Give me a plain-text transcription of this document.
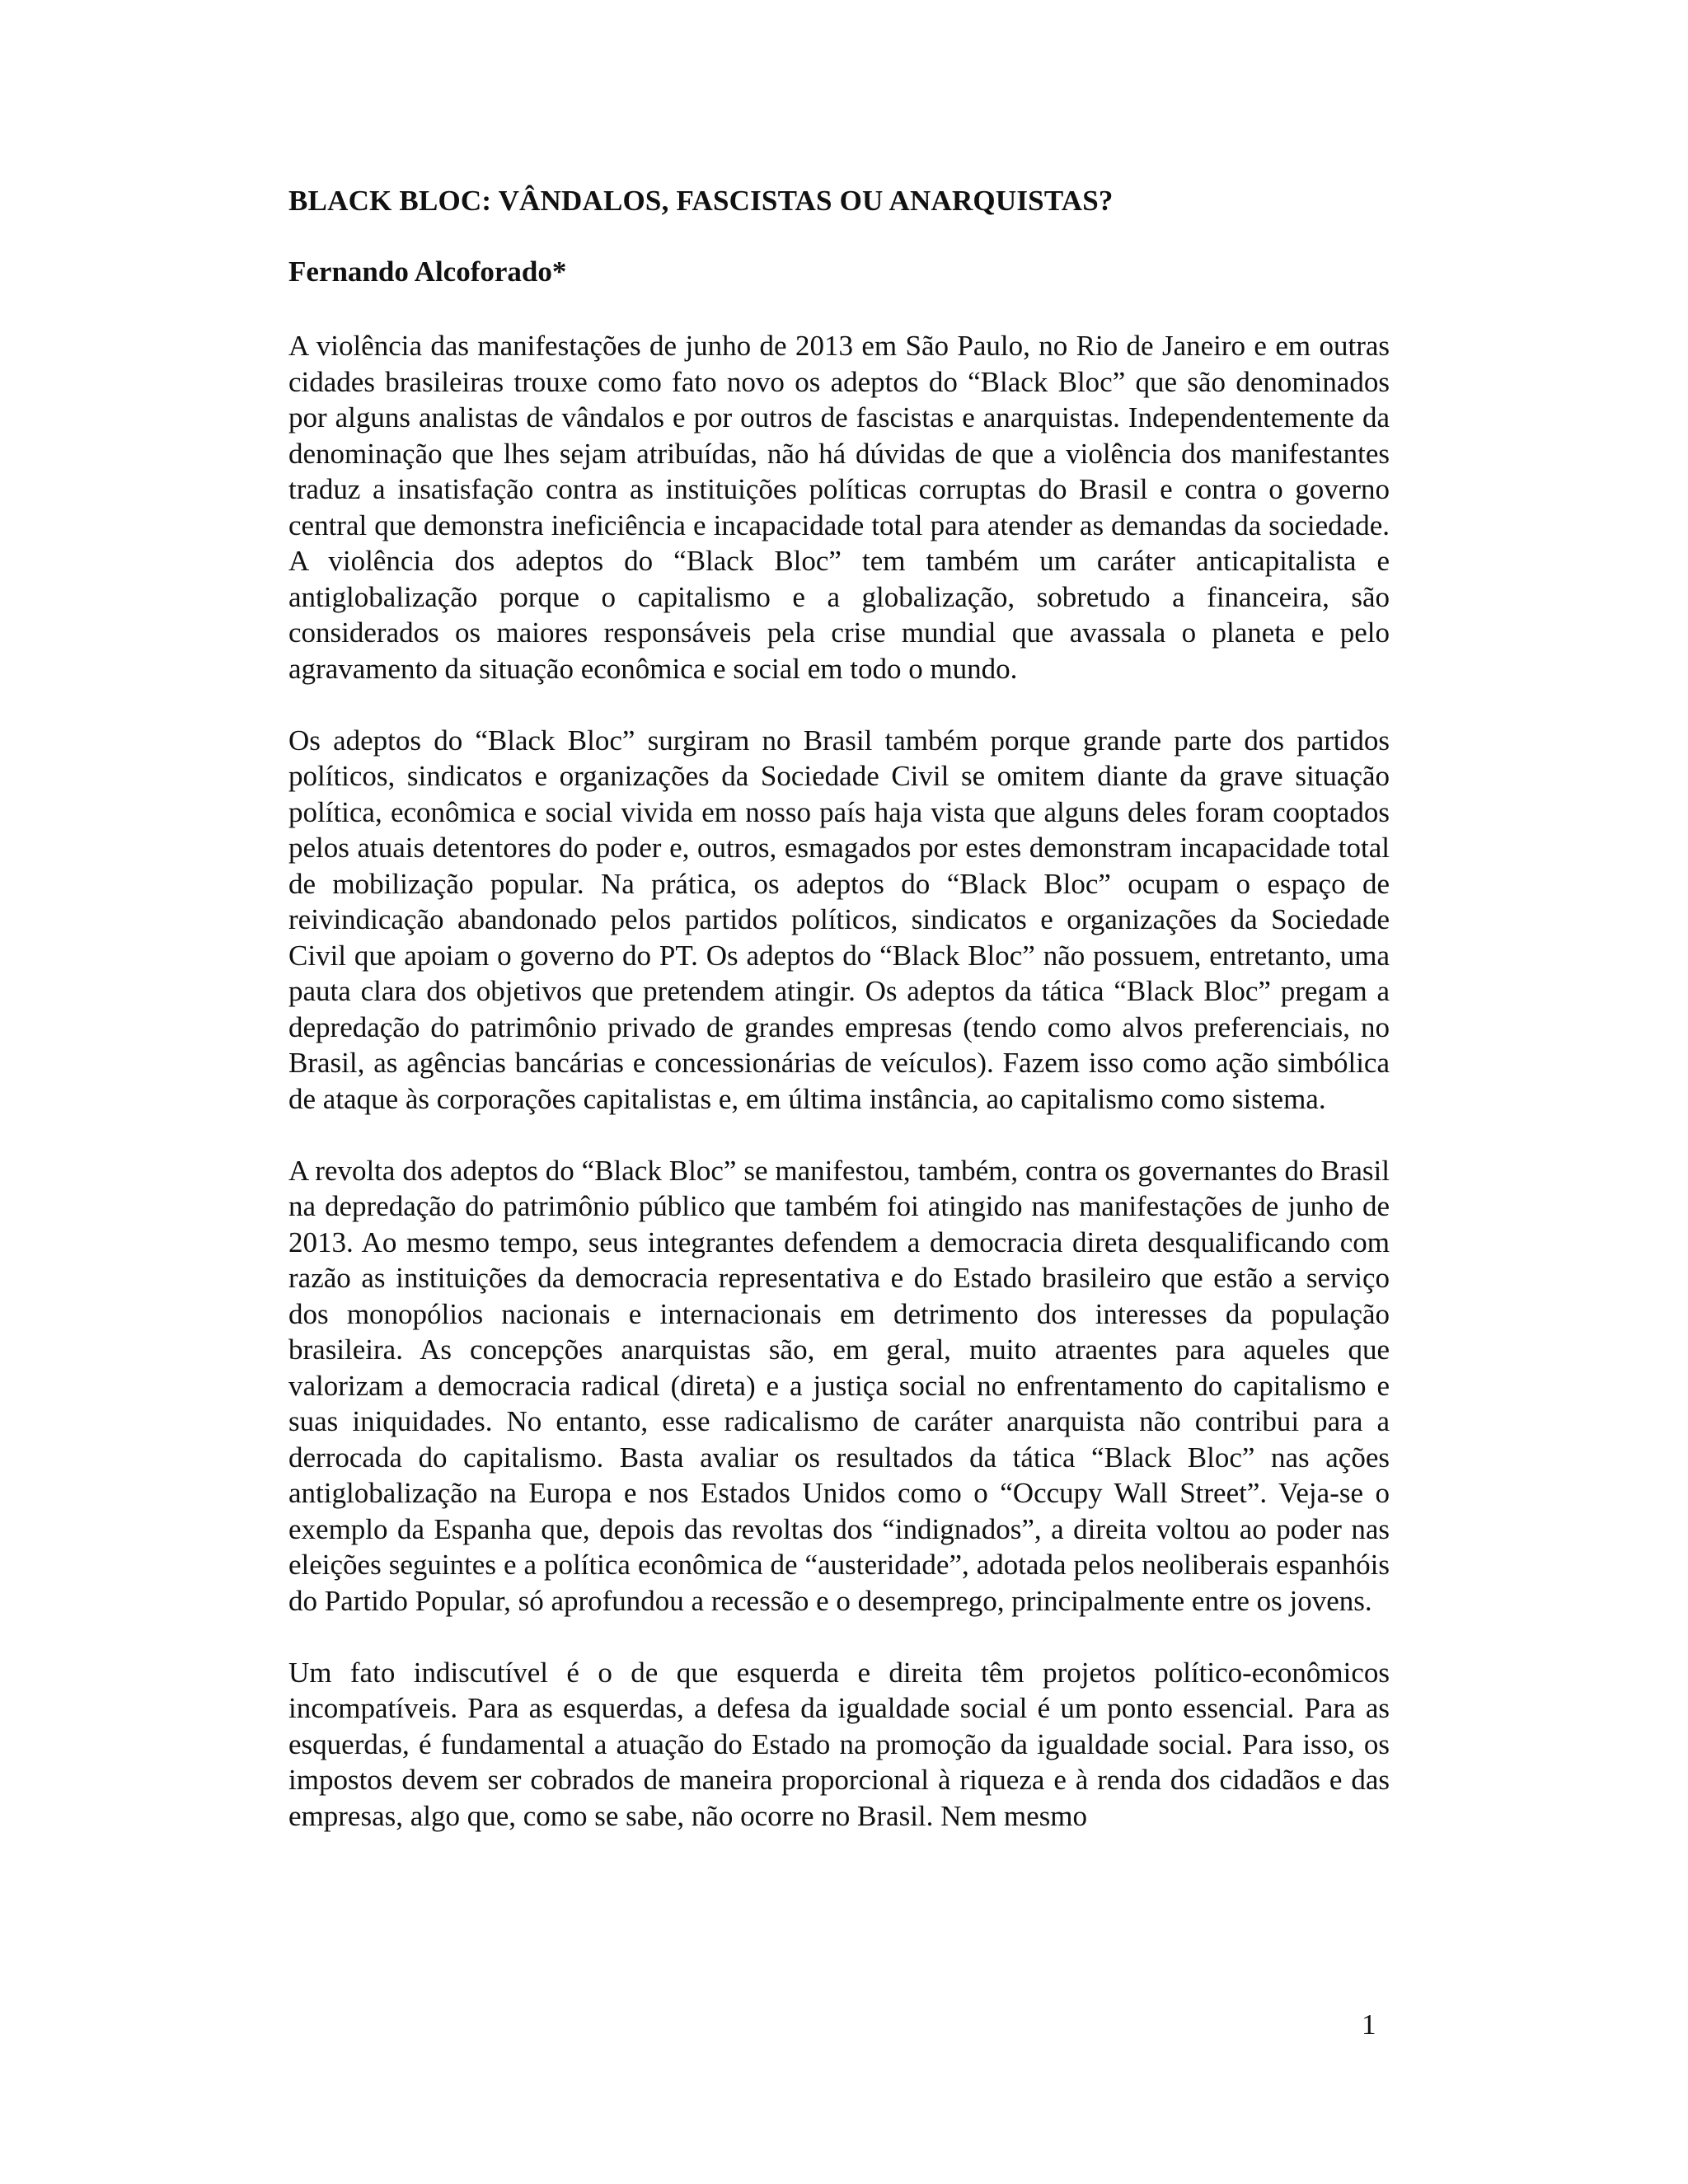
BLACK BLOC: VÂNDALOS, FASCISTAS OU ANARQUISTAS?

Fernando Alcoforado*

A violência das manifestações de junho de 2013 em São Paulo, no Rio de Janeiro e em outras cidades brasileiras trouxe como fato novo os adeptos do “Black Bloc” que são denominados por alguns analistas de vândalos e por outros de fascistas e anarquistas. Independentemente da denominação que lhes sejam atribuídas, não há dúvidas de que a violência dos manifestantes traduz a insatisfação contra as instituições políticas corruptas do Brasil e contra o governo central que demonstra ineficiência e incapacidade total para atender as demandas da sociedade. A violência dos adeptos do “Black Bloc” tem também um caráter anticapitalista e antiglobalização porque o capitalismo e a globalização, sobretudo a financeira, são considerados os maiores responsáveis pela crise mundial que avassala o planeta e pelo agravamento da situação econômica e social em todo o mundo.

Os adeptos do “Black Bloc” surgiram no Brasil também porque grande parte dos partidos políticos, sindicatos e organizações da Sociedade Civil se omitem diante da grave situação política, econômica e social vivida em nosso país haja vista que alguns deles foram cooptados pelos atuais detentores do poder e, outros, esmagados por estes demonstram incapacidade total de mobilização popular. Na prática, os adeptos do “Black Bloc” ocupam o espaço de reivindicação abandonado pelos partidos políticos, sindicatos e organizações da Sociedade Civil que apoiam o governo do PT. Os adeptos do “Black Bloc” não possuem, entretanto, uma pauta clara dos objetivos que pretendem atingir. Os adeptos da tática “Black Bloc” pregam a depredação do patrimônio privado de grandes empresas (tendo como alvos preferenciais, no Brasil, as agências bancárias e concessionárias de veículos). Fazem isso como ação simbólica de ataque às corporações capitalistas e, em última instância, ao capitalismo como sistema.

A revolta dos adeptos do “Black Bloc” se manifestou, também, contra os governantes do Brasil na depredação do patrimônio público que também foi atingido nas manifestações de junho de 2013. Ao mesmo tempo, seus integrantes defendem a democracia direta desqualificando com razão as instituições da democracia representativa e do Estado brasileiro que estão a serviço dos monopólios nacionais e internacionais em detrimento dos interesses da população brasileira. As concepções anarquistas são, em geral, muito atraentes para aqueles que valorizam a democracia radical (direta) e a justiça social no enfrentamento do capitalismo e suas iniquidades. No entanto, esse radicalismo de caráter anarquista não contribui para a derrocada do capitalismo. Basta avaliar os resultados da tática “Black Bloc” nas ações antiglobalização na Europa e nos Estados Unidos como o “Occupy Wall Street”. Veja-se o exemplo da Espanha que, depois das revoltas dos “indignados”, a direita voltou ao poder nas eleições seguintes e a política econômica de “austeridade”, adotada pelos neoliberais espanhóis do Partido Popular, só aprofundou a recessão e o desemprego, principalmente entre os jovens.

Um fato indiscutível é o de que esquerda e direita têm projetos político-econômicos incompatíveis. Para as esquerdas, a defesa da igualdade social é um ponto essencial. Para as esquerdas, é fundamental a atuação do Estado na promoção da igualdade social. Para isso, os impostos devem ser cobrados de maneira proporcional à riqueza e à renda dos cidadãos e das empresas, algo que, como se sabe, não ocorre no Brasil. Nem mesmo

1
